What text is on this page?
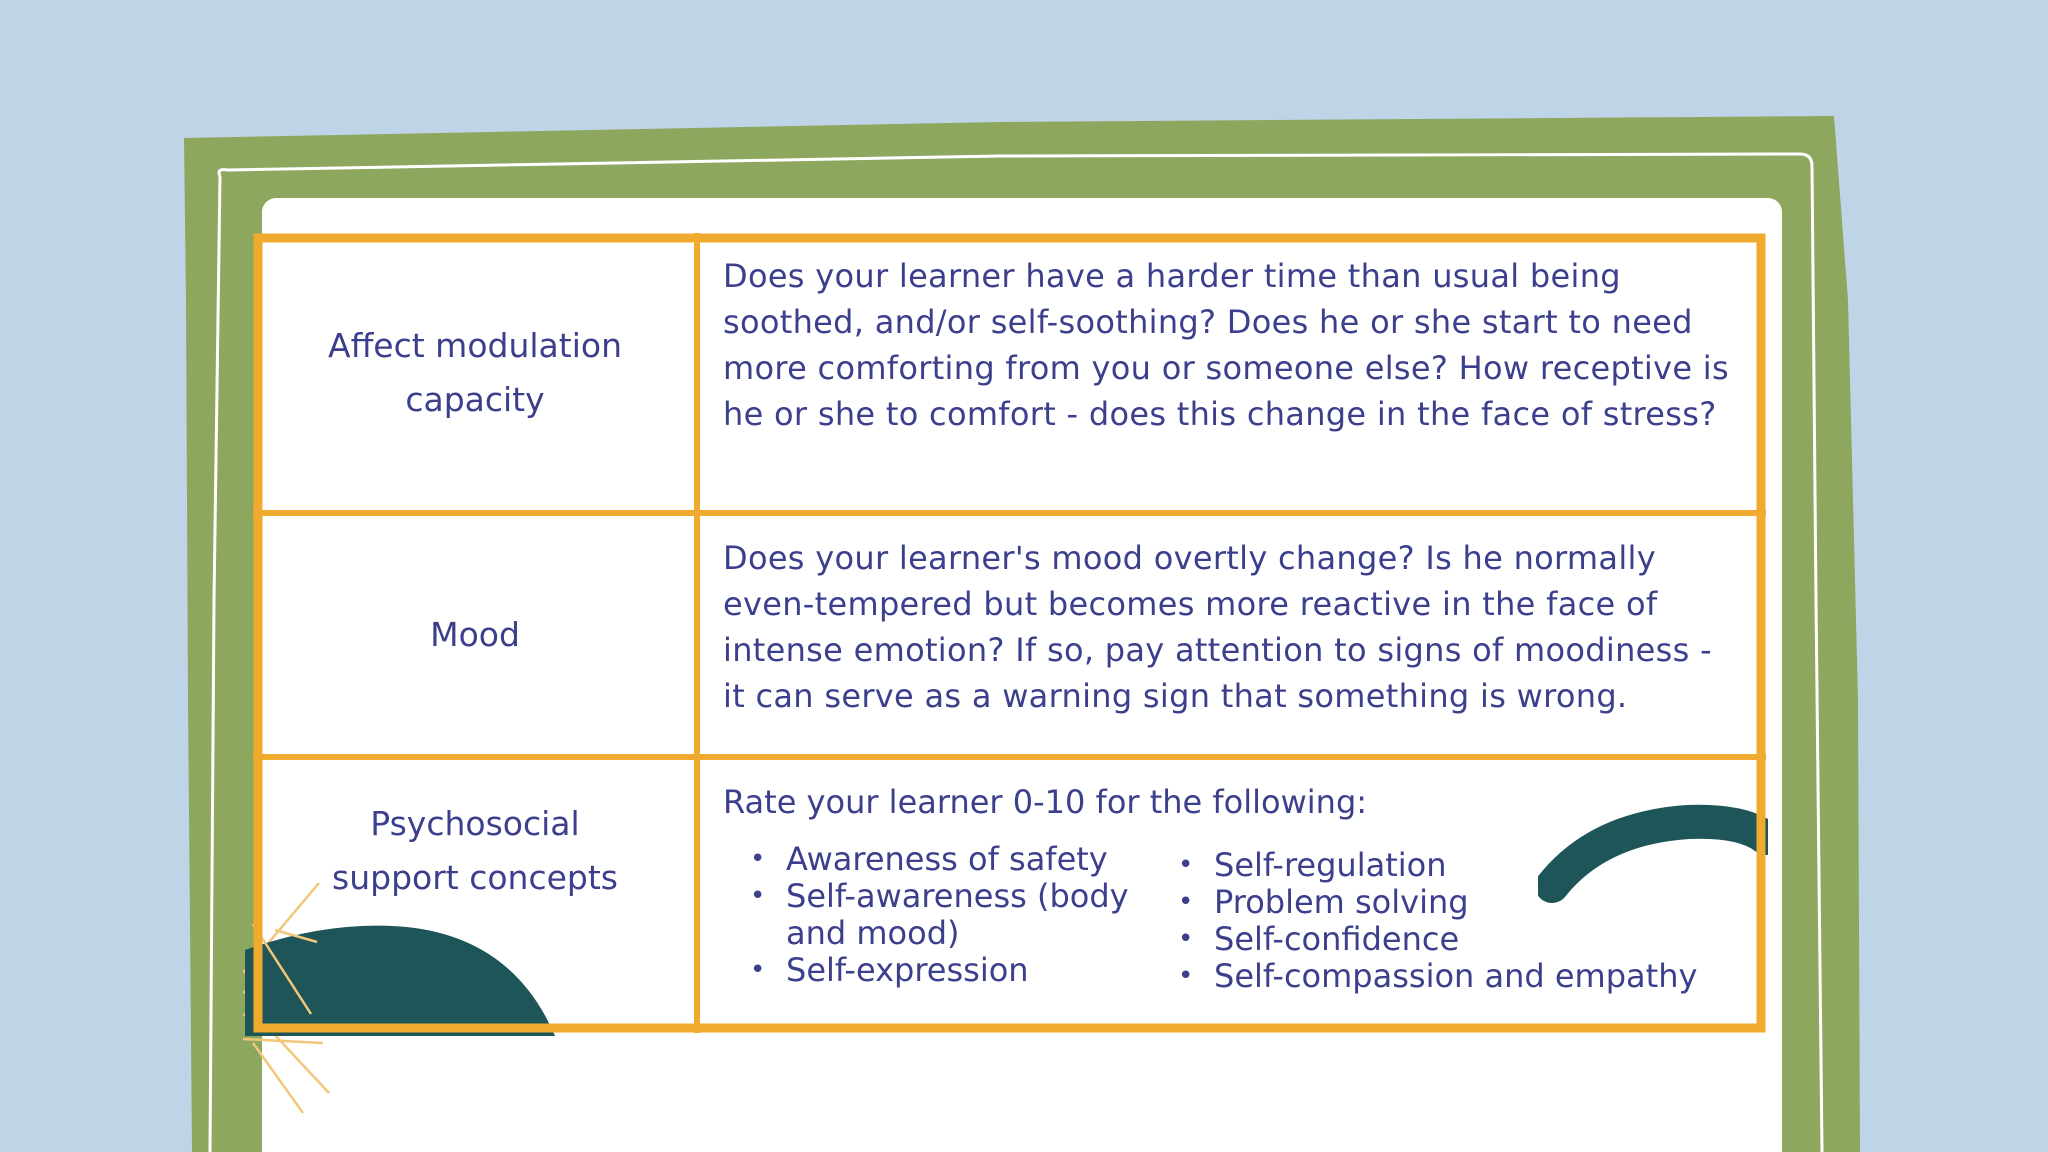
Affect modulation capacity
Does your learner have a harder time than usual being soothed, and/or self-soothing? Does he or she start to need more comforting from you or someone else? How receptive is he or she to comfort - does this change in the face of stress?
Mood
Does your learner's mood overtly change? Is he normally even-tempered but becomes more reactive in the face of intense emotion? If so, pay attention to signs of moodiness - it can serve as a warning sign that something is wrong.
Psychosocial support concepts
Rate your learner 0-10 for the following:
• Awareness of safety
• Self-awareness (body and mood)
• Self-expression
• Self-regulation
• Problem solving
• Self-confidence
• Self-compassion and empathy
